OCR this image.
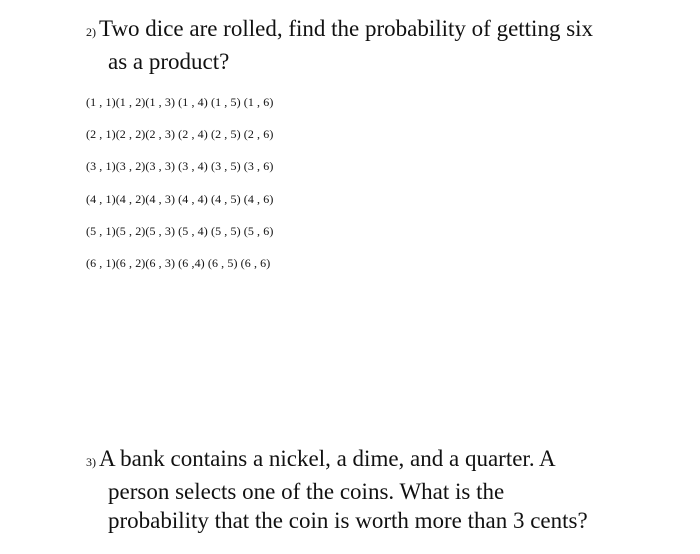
2) Two dice are rolled, find the probability of getting six
as a product?
(1 , 1)(1 , 2)(1 , 3) (1 , 4) (1 , 5) (1 , 6)
(2 , 1)(2 , 2)(2 , 3) (2 , 4) (2 , 5) (2 , 6)
(3 , 1)(3 , 2)(3 , 3) (3 , 4) (3 , 5) (3 , 6)
(4 , 1)(4 , 2)(4 , 3) (4 , 4) (4 , 5) (4 , 6)
(5 , 1)(5 , 2)(5 , 3) (5 , 4) (5 , 5) (5 , 6)
(6 , 1)(6 , 2)(6 , 3) (6 ,4) (6 , 5) (6 , 6)
3) A bank contains a nickel, a dime, and a quarter. A
person selects one of the coins. What is the
probability that the coin is worth more than 3 cents?
